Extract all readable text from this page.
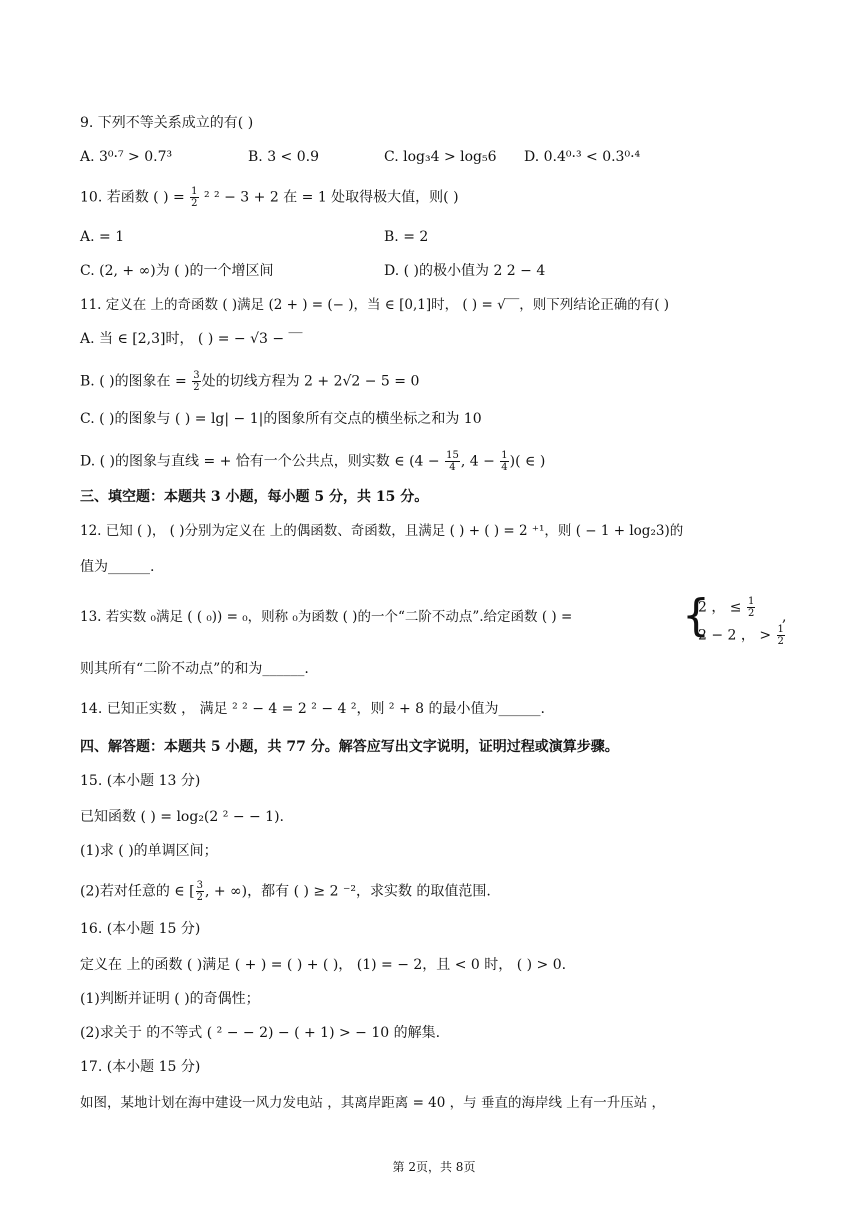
9. 下列不等关系成立的有( )
A. 3⁰·⁷ > 0.7³	B. 3 < 0.9	C. log₃4 > log₅6 D. 0.4⁰·³ < 0.3⁰·⁴
10. 若函数 ( ) = $\frac{1}{2} ^2$ ² − 3 + 2 在 = 1 处取得极大值，则( )
A. = 1	B. = 2
C. (2, + ∞)为 ( )的一个增区间	D. ( )的极小值为 2 2 − 4
11. 定义在 上的奇函数 ( )满足 (2 + ) = (− )，当 ∈ [0,1]时， ( ) = √‾‾，则下列结论正确的有( )
A. 当 ∈ [2,3]时， ( ) = − √3 − ‾‾
B. ( )的图象在 = $\frac{3}{2}$ 处的切线方程为 2 + 2√2 − 5 = 0
C. ( )的图象与 ( ) = lg| − 1|的图象所有交点的横坐标之和为 10
D. ( )的图象与直线 = + 恰有一个公共点，则实数 ∈ ($4 - \frac{15}{4}$ , $4 - \frac{1}{4}$ )( ∈ )
三、填空题：本题共 3 小题，每小题 5 分，共 15 分。
12. 已知 ( )， ( )分别为定义在 上的偶函数、奇函数，且满足 ( ) + ( ) = 2 ⁺¹，则 ( − 1 + log₂3)的
值为______.
13. 若实数 ₀满足 ( ( ₀)) = ₀，则称 ₀为函数 ( )的一个“二阶不动点”.给定函数 ( ) = {
2 ， ≤ $\frac{1}{2}$
2 − 2 ， > $\frac{1}{2}$
,
则其所有“二阶不动点”的和为______.
14. 已知正实数 ， 满足 ² ² − 4 = 2 ² − 4 ²，则 ² + 8 的最小值为______.
四、解答题：本题共 5 小题，共 77 分。解答应写出文字说明，证明过程或演算步骤。
15. (本小题 13 分)
已知函数 ( ) = log₂(2 ² − − 1).
(1)求 ( )的单调区间；
(2)若对任意的 ∈ [ $\frac{3}{2}$ , + ∞)，都有 ( ) ≥ 2 ⁻²，求实数 的取值范围.
16. (本小题 15 分)
定义在 上的函数 ( )满足 ( + ) = ( ) + ( )， (1) = − 2，且 < 0 时， ( ) > 0.
(1)判断并证明 ( )的奇偶性；
(2)求关于 的不等式 ( ² − − 2) − ( + 1) > − 10 的解集.
17. (本小题 15 分)
如图，某地计划在海中建设一风力发电站 ，其离岸距离 = 40 ，与 垂直的海岸线 上有一升压站 ，
第 2页，共 8页
